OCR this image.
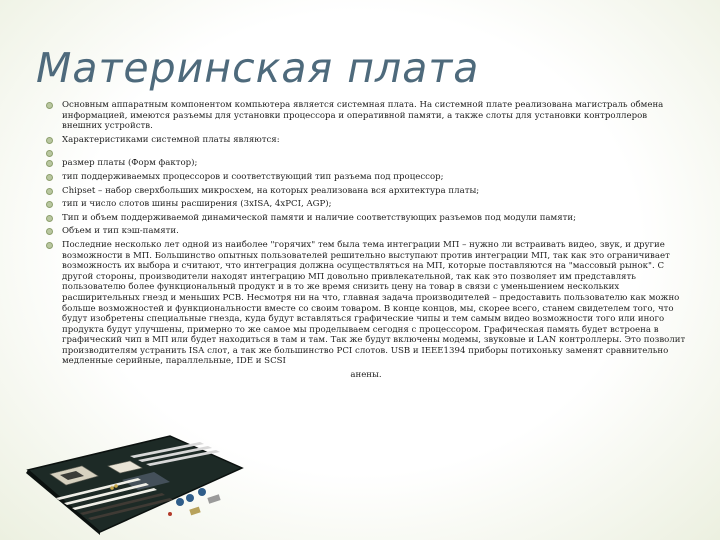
Материнская плата
Основным аппаратным компонентом компьютера является системная плата. На системной плате реализована магистраль обмена информацией, имеются разъемы для установки процессора и оперативной памяти, а также слоты для установки контроллеров внешних устройств.
Характеристиками системной платы являются:
размер платы (Форм фактор);
тип поддерживаемых процессоров и соответствующий тип разъема под процессор;
Chipset – набор сверхбольших микросхем, на которых реализована вся архитектура платы;
тип и число слотов шины расширения (3xISA, 4xPCI, AGP);
Тип и объем поддерживаемой динамической памяти и наличие соответствующих разъемов под модули памяти;
Объем и тип кэш-памяти.
Последние несколько лет одной из наиболее "горячих" тем была тема интеграции МП – нужно ли встраивать видео, звук, и другие возможности в МП. Большинство опытных пользователей решительно выступают против интеграции МП, так как это ограничивает возможность их выбора и считают, что интеграция должна осуществляться на МП, которые поставляются на "массовый рынок". С другой стороны, производители находят интеграцию МП довольно привлекательной, так как это позволяет им представлять пользователю более функциональный продукт и в то же время снизить цену на товар в связи с уменьшением нескольких расширительных гнезд и меньших PCB. Несмотря ни на что, главная задача производителей – предоставить пользователю как можно больше возможностей и функциональности вместе со своим товаром. В конце концов, мы, скорее всего, станем свидетелем того, что будут изобретены специальные гнезда, куда будут вставляться графические чипы и тем самым видео возможности того или иного продукта будут улучшены, примерно то же самое мы проделываем сегодня с процессором. Графическая память будет встроена в графический чип в МП или будет находиться в там и там. Так же будут включены модемы, звуковые и LAN контроллеры. Это позволит производителям устранить ISA слот, а так же большинство PCI слотов. USB и IEEE1394 приборы потихоньку заменят сравнительно медленные серийные, параллельные, IDE и SCSI
анены.
